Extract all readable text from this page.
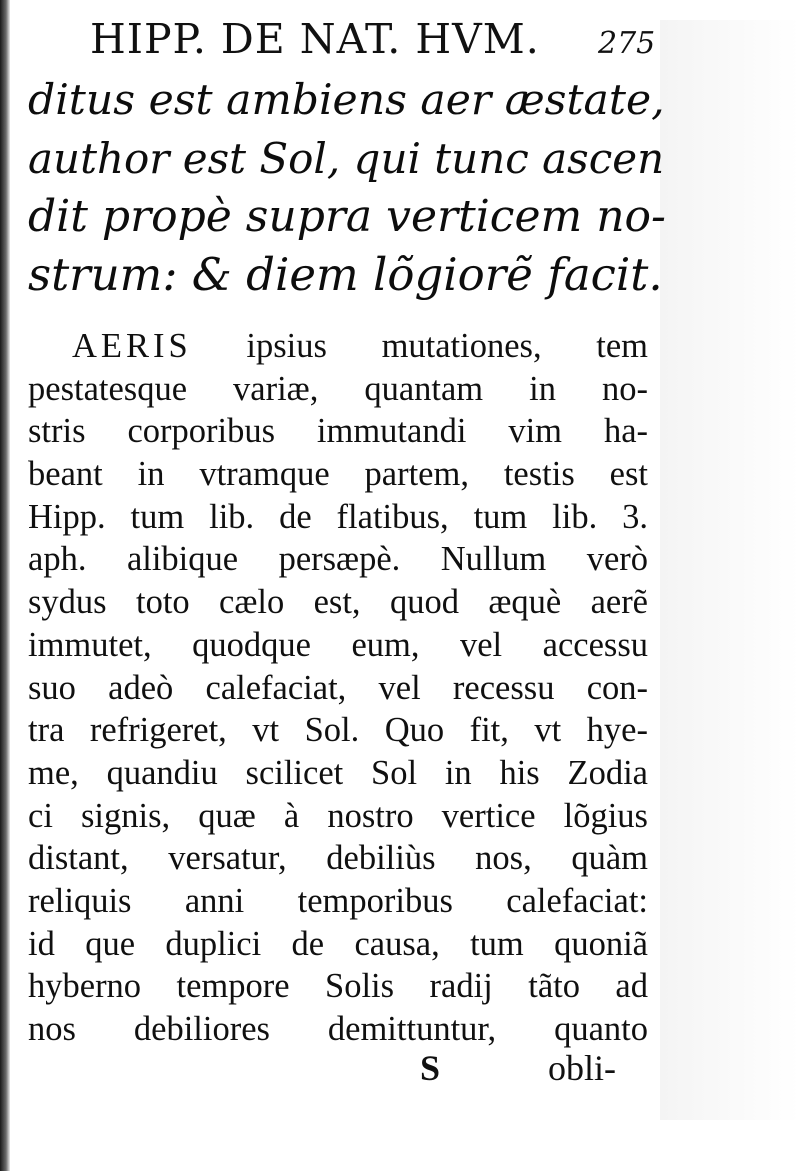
HIPP. DE NAT. HVM. 275
ditus est ambiens aer æstate,
author est Sol, qui tunc ascen
dit propè supra verticem no-
strum: & diem lõgiorẽ facit.
AERIS ipsius mutationes, tem
pestatesque variæ, quantam in no-
stris corporibus immutandi vim ha-
beant in vtramque partem, testis est
Hipp. tum lib. de flatibus, tum lib. 3.
aph. alibique persæpè. Nullum verò
sydus toto cælo est, quod æquè aerẽ
immutet, quodque eum, vel accessu
suo adeò calefaciat, vel recessu con-
tra refrigeret, vt Sol. Quo fit, vt hye-
me, quandiu scilicet Sol in his Zodia
ci signis, quæ à nostro vertice lõgius
distant, versatur, debiliùs nos, quàm
reliquis anni temporibus calefaciat:
id que duplici de causa, tum quoniã
hyberno tempore Solis radij tãto ad
nos debiliores demittuntur, quanto
S	obli-
